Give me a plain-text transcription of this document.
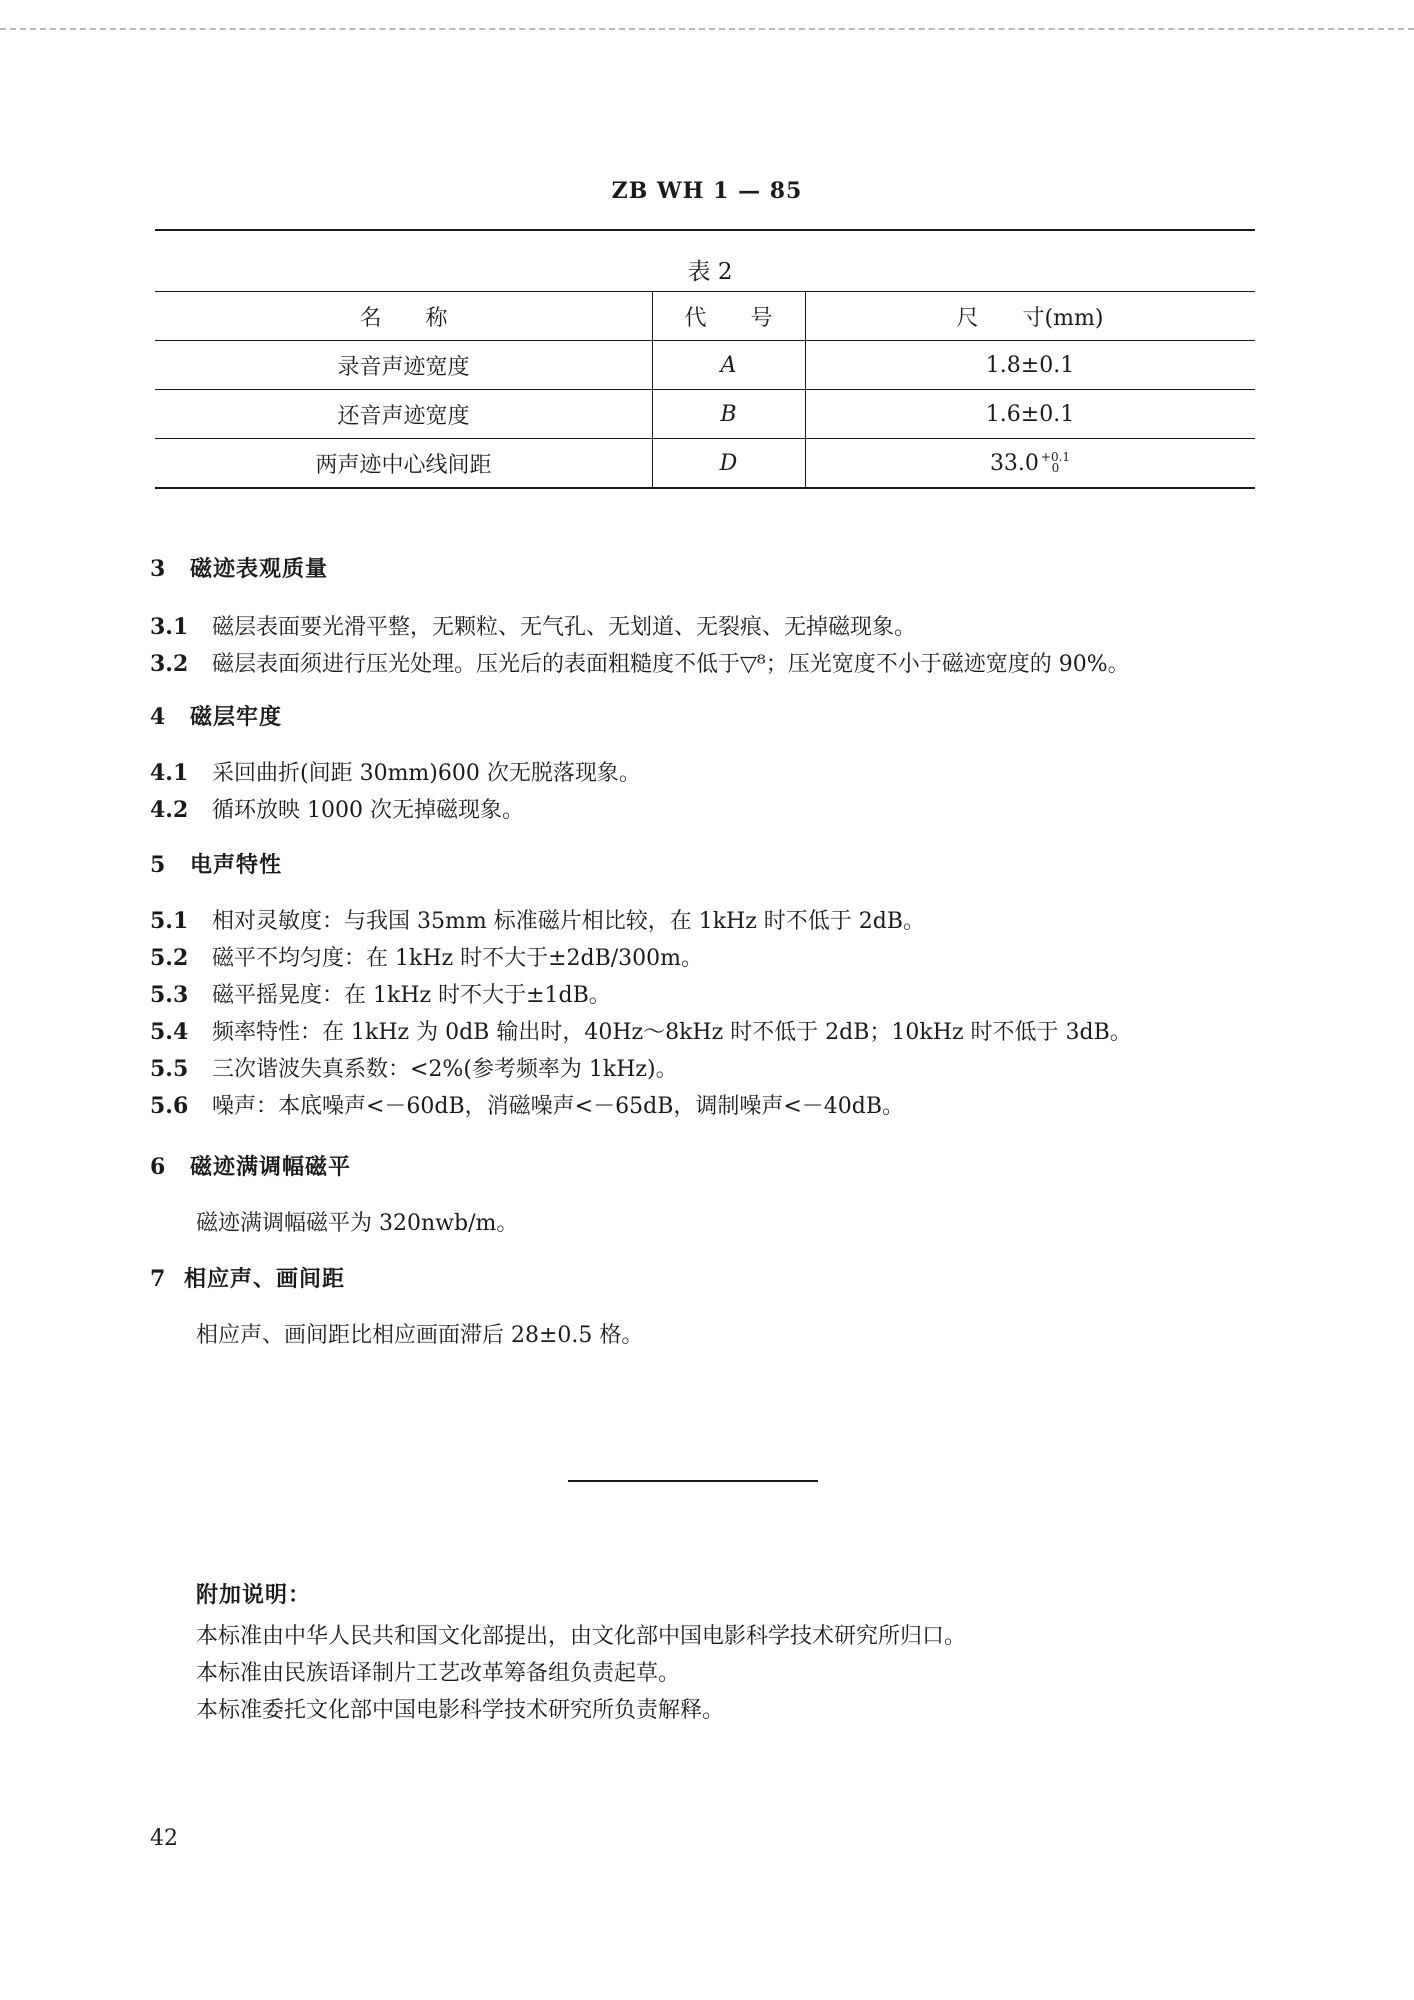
ZB WH 1 — 85
表 2
名　　称	代　　号	尺　　寸(mm)
录音声迹宽度	A	1.8±0.1
还音声迹宽度	B	1.6±0.1
两声迹中心线间距	D	33.0 +0.1
0
3 磁迹表观质量
3.1 磁层表面要光滑平整，无颗粒、无气孔、无划道、无裂痕、无掉磁现象。
3.2 磁层表面须进行压光处理。压光后的表面粗糙度不低于▽⁸；压光宽度不小于磁迹宽度的 90%。
4 磁层牢度
4.1 采回曲折(间距 30mm)600 次无脱落现象。
4.2 循环放映 1000 次无掉磁现象。
5 电声特性
5.1 相对灵敏度：与我国 35mm 标准磁片相比较，在 1kHz 时不低于 2dB。
5.2 磁平不均匀度：在 1kHz 时不大于±2dB/300m。
5.3 磁平摇晃度：在 1kHz 时不大于±1dB。
5.4 频率特性：在 1kHz 为 0dB 输出时，40Hz～8kHz 时不低于 2dB；10kHz 时不低于 3dB。
5.5 三次谐波失真系数：<2%(参考频率为 1kHz)。
5.6 噪声：本底噪声<－60dB，消磁噪声<－65dB，调制噪声<－40dB。
6 磁迹满调幅磁平
磁迹满调幅磁平为 320nwb/m。
7 相应声、画间距
相应声、画间距比相应画面滞后 28±0.5 格。
附加说明：
本标准由中华人民共和国文化部提出，由文化部中国电影科学技术研究所归口。
本标准由民族语译制片工艺改革筹备组负责起草。
本标准委托文化部中国电影科学技术研究所负责解释。
42
